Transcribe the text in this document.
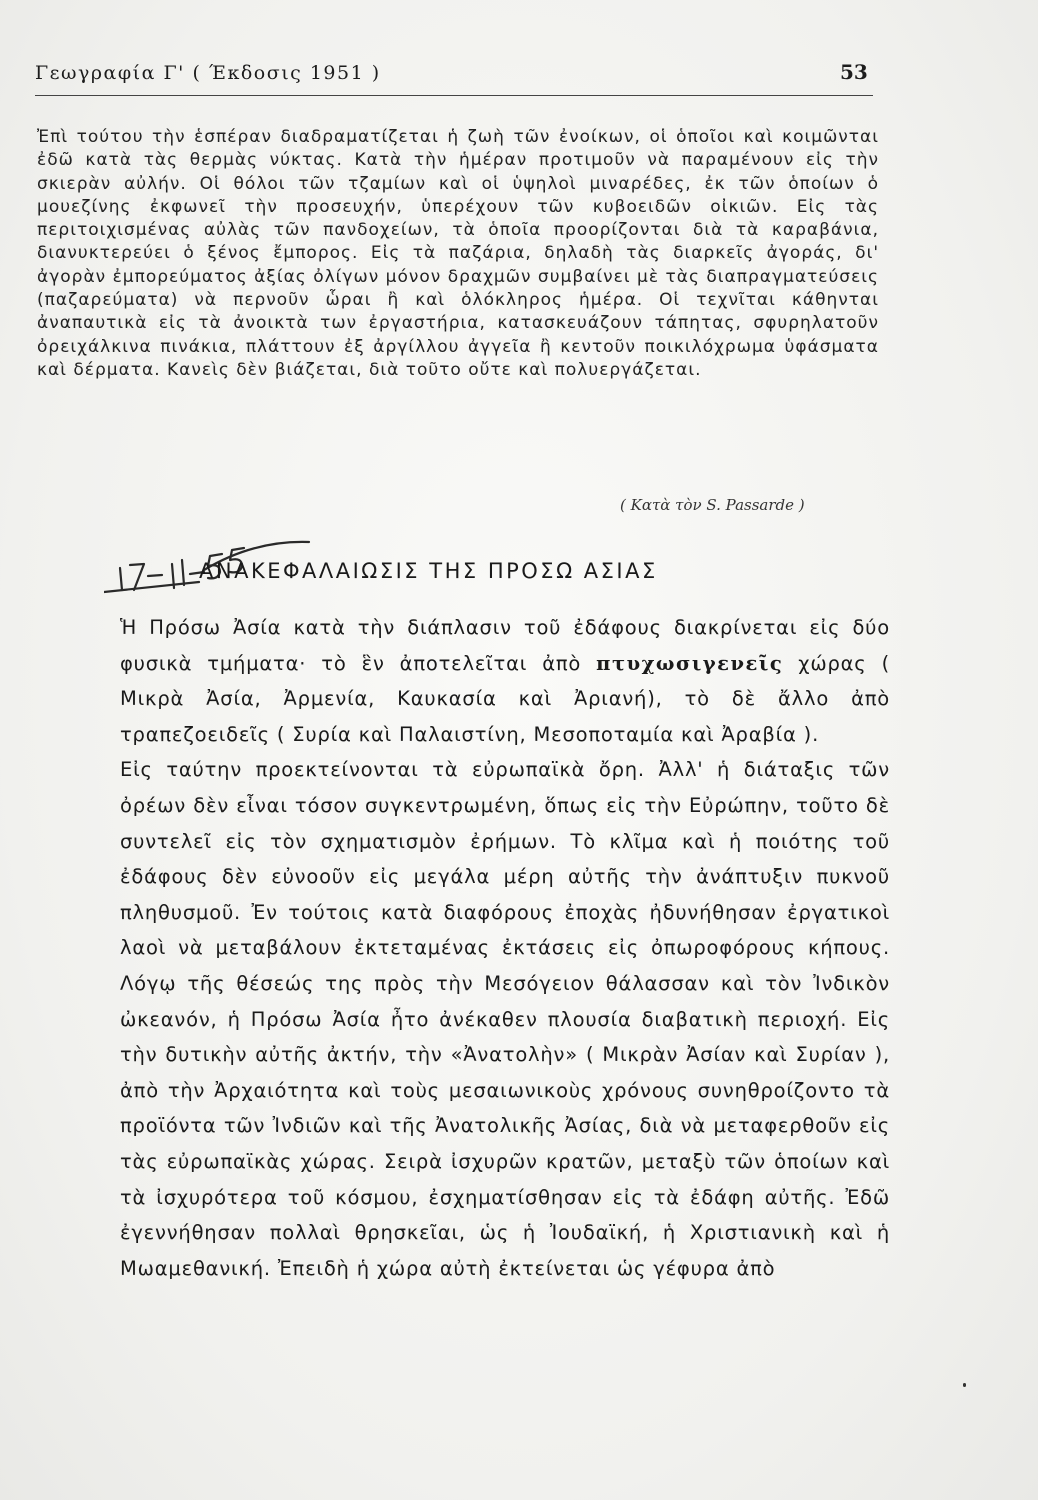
Γεωγραφία Γ' ( Έκδοσις 1951 )	53

Ἐπὶ τούτου τὴν ἑσπέραν διαδραματίζεται ἡ ζωὴ τῶν ἐνοίκων, οἱ ὁποῖοι καὶ κοιμῶνται ἐδῶ κατὰ τὰς θερμὰς νύκτας. Κατὰ τὴν ἡμέραν προτιμοῦν νὰ παραμένουν εἰς τὴν σκιερὰν αὐλήν. Οἱ θόλοι τῶν τζαμίων καὶ οἱ ὑψηλοὶ μιναρέδες, ἐκ τῶν ὁποίων ὁ μουεζίνης ἐκφωνεῖ τὴν προσευχήν, ὑπερέχουν τῶν κυβοειδῶν οἰκιῶν. Εἰς τὰς περιτοιχισμένας αὐλὰς τῶν πανδοχείων, τὰ ὁποῖα προορίζονται διὰ τὰ καραβάνια, διανυκτερεύει ὁ ξένος ἔμπορος. Εἰς τὰ παζάρια, δηλαδὴ τὰς διαρκεῖς ἀγοράς, δι' ἀγορὰν ἐμπορεύματος ἀξίας ὀλίγων μόνον δραχμῶν συμβαίνει μὲ τὰς διαπραγματεύσεις (παζαρεύματα) νὰ περνοῦν ὧραι ἢ καὶ ὁλόκληρος ἡμέρα. Οἱ τεχνῖται κάθηνται ἀναπαυτικὰ εἰς τὰ ἀνοικτὰ των ἐργαστήρια, κατασκευάζουν τάπητας, σφυρηλατοῦν ὀρειχάλκινα πινάκια, πλάττουν ἐξ ἀργίλλου ἀγγεῖα ἢ κεντοῦν ποικιλόχρωμα ὑφάσματα καὶ δέρματα. Κανεὶς δὲν βιάζεται, διὰ τοῦτο οὔτε καὶ πολυεργάζεται.

( Κατὰ τὸν S. Passarde )
ΑΝΑΚΕΦΑΛΑΙΩΣΙΣ ΤΗΣ ΠΡΟΣΩ ΑΣΙΑΣ

Ἡ Πρόσω Ἀσία κατὰ τὴν διάπλασιν τοῦ ἐδάφους διακρίνεται εἰς δύο φυσικὰ τμήματα· τὸ ἓν ἀποτελεῖται ἀπὸ πτυχωσιγενεῖς χώρας ( Μικρὰ Ἀσία, Ἀρμενία, Καυκασία καὶ Ἀριανή), τὸ δὲ ἄλλο ἀπὸ τραπεζοειδεῖς ( Συρία καὶ Παλαιστίνη, Μεσοποταμία καὶ Ἀραβία ).

Εἰς ταύτην προεκτείνονται τὰ εὐρωπαϊκὰ ὄρη. Ἀλλ' ἡ διάταξις τῶν ὀρέων δὲν εἶναι τόσον συγκεντρωμένη, ὅπως εἰς τὴν Εὐρώπην, τοῦτο δὲ συντελεῖ εἰς τὸν σχηματισμὸν ἐρήμων. Τὸ κλῖμα καὶ ἡ ποιότης τοῦ ἐδάφους δὲν εὐνοοῦν εἰς μεγάλα μέρη αὐτῆς τὴν ἀνάπτυξιν πυκνοῦ πληθυσμοῦ. Ἐν τούτοις κατὰ διαφόρους ἐποχὰς ἠδυνήθησαν ἐργατικοὶ λαοὶ νὰ μεταβάλουν ἐκτεταμένας ἐκτάσεις εἰς ὀπωροφόρους κήπους. Λόγῳ τῆς θέσεώς της πρὸς τὴν Μεσόγειον θάλασσαν καὶ τὸν Ἰνδικὸν ὠκεανόν, ἡ Πρόσω Ἀσία ἦτο ἀνέκαθεν πλουσία διαβατικὴ περιοχή. Εἰς τὴν δυτικὴν αὐτῆς ἀκτήν, τὴν «Ἀνατολὴν» ( Μικρὰν Ἀσίαν καὶ Συρίαν ), ἀπὸ τὴν Ἀρχαιότητα καὶ τοὺς μεσαιωνικοὺς χρόνους συνηθροίζοντο τὰ προϊόντα τῶν Ἰνδιῶν καὶ τῆς Ἀνατολικῆς Ἀσίας, διὰ νὰ μεταφερθοῦν εἰς τὰς εὐρωπαϊκὰς χώρας. Σειρὰ ἰσχυρῶν κρατῶν, μεταξὺ τῶν ὁποίων καὶ τὰ ἰσχυρότερα τοῦ κόσμου, ἐσχηματίσθησαν εἰς τὰ ἐδάφη αὐτῆς. Ἐδῶ ἐγεννήθησαν πολλαὶ θρησκεῖαι, ὡς ἡ Ἰουδαϊκή, ἡ Χριστιανικὴ καὶ ἡ Μωαμεθανική. Ἐπειδὴ ἡ χώρα αὐτὴ ἐκτείνεται ὡς γέφυρα ἀπὸ
